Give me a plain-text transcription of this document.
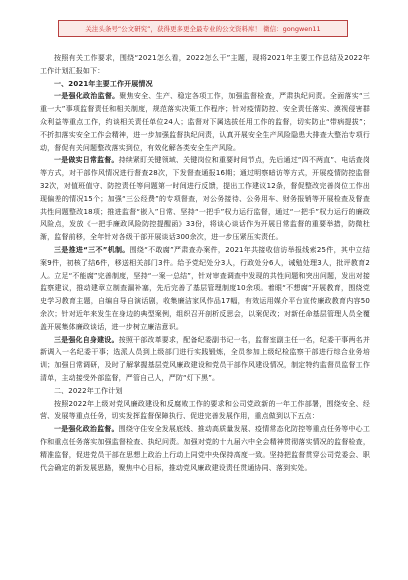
关注头条号“公文研究”，获得更多更全最专业的公文资料库！ 微信：gongwen11

按照有关工作要求，围绕“2021怎么看，2022怎么干”主题，现将2021年主要工作总结及2022年工作计划汇报如下：

一、2021年主要工作开展情况

一是强化政治监督。聚焦安全、生产、稳定各项工作，加强监督检查，严肃执纪问责。全面落实“三重一大”事项监督责任和相关制度，规范落实决策工作程序；针对疫情防控、安全责任落实、漠视侵害群众利益等重点工作，约谈相关责任单位24人；监督对下属选拔任用工作的监督，切实防止“带病提拔”；不折扣落实安全工作会精神，进一步加强监督执纪问责，认真开展安全生产风险隐患大排查大整治专项行动，督促有关问题整改落实到位，有效化解各类安全生产风险。

一是做实日常监督。持续紧盯关键领域、关键岗位和重要时间节点，先后通过“四不两直”、电话查岗等方式，对干部作风情况进行督查28次，下发督查通报16期；通过明察暗访等方式，开展疫情防控监督32次，对值班值守、防控责任等问题第一时间进行反馈，提出工作建议12条，督促整改完善岗位工作出现偏差的情况15个；加强“三公经费”的专项督查，对公务接待、公务用车、财务报销等开展检查及督查共性问题整改18项；推进监督“嵌入”日常、坚持“一把手”权力运行监督，通过“一把手”权力运行的廉政风险点，发放《一把手廉政风险防控提醒函》33份，将谈心谈话作为开展日常监督的重要举措，防微杜渐，监督前移，全年针对各级干部开展谈话300余次，进一步压紧压实责任。

三是推进“三不”机制。围绕“不敢腐”严肃查办案件，2021年共接收信访举报线索25件，其中立结案9件，初核了结6件，移送相关部门3件。给予党纪处分3人，行政处分6人，诫勉处理3人，批评教育2人。立足“不能腐”完善制度，坚持“一案一总结”，针对审查调查中发现的共性问题和突出问题，发出对接监察建议，推动建章立制查漏补塞，先后完善了基层管理制度10余项。着眼“不想腐”开展教育，围绕党史学习教育主题，自编自导自演话剧，收集廉洁家风作品17幅，有效运用媒介平台宣传廉政教育内容50余次；针对近年来发生在身边的典型案例，组织召开剖析反思会，以案促改；对新任命基层管理人员全覆盖开展集体廉政谈话，进一步树立廉洁意识。

三是强化自身建设。按照干部改革要求，配备纪委副书记一名，监督室副主任一名，纪委干事两名并新调入一名纪委干事；选派人员到上级部门进行实践锻炼，全员参加上级纪检监察干部进行综合业务培训；加强日常调研，及时了解掌握基层党风廉政建设和党员干部作风建设情况，制定特约监督员监督工作清单，主动接受外部监督，严管自己人，严防“灯下黑”。

二、2022年工作计划

按照2022年上级对党风廉政建设和反腐败工作的要求和公司党政新的一年工作部署，围绕安全、经营、发展等重点任务，切实发挥监督保障执行、促进完善发展作用，重点做到以下五点：

一是强化政治监督。围绕守住安全发展底线、推动高质量发展、疫情常态化防控等重点任务等中心工作和重点任务落实加强监督检查、执纪问责。加强对党的十九届六中全会精神贯彻落实情况的监督检查，精准监督，促进党员干部在思想上政治上行动上同党中央保持高度一致。坚持把监督贯穿公司党委会、职代会确定的新发展思路，聚焦中心目标，推动党风廉政建设责任贯通协同、落到实处。
